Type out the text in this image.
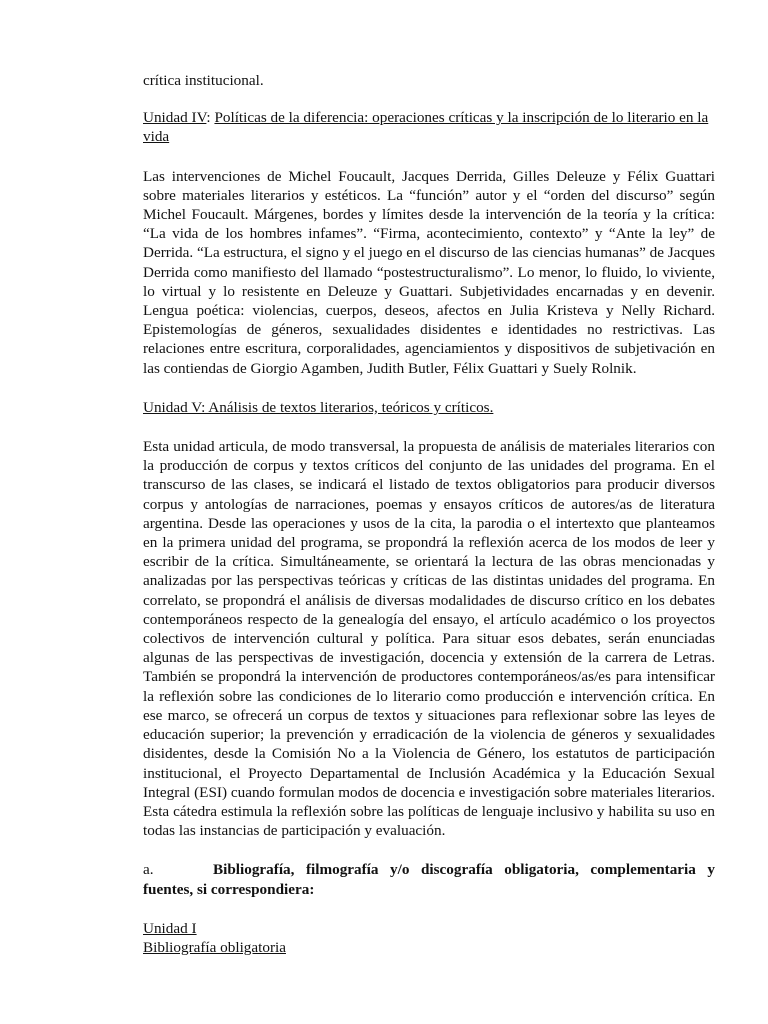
crítica institucional.

Unidad IV: Políticas de la diferencia: operaciones críticas y la inscripción de lo literario en la vida

Las intervenciones de Michel Foucault, Jacques Derrida, Gilles Deleuze y Félix Guattari sobre materiales literarios y estéticos. La “función” autor y el “orden del discurso” según Michel Foucault. Márgenes, bordes y límites desde la intervención de la teoría y la crítica: “La vida de los hombres infames”. “Firma, acontecimiento, contexto” y “Ante la ley” de Derrida. “La estructura, el signo y el juego en el discurso de las ciencias humanas” de Jacques Derrida como manifiesto del llamado “postestructuralismo”. Lo menor, lo fluido, lo viviente, lo virtual y lo resistente en Deleuze y Guattari. Subjetividades encarnadas y en devenir. Lengua poética: violencias, cuerpos, deseos, afectos en Julia Kristeva y Nelly Richard. Epistemologías de géneros, sexualidades disidentes e identidades no restrictivas. Las relaciones entre escritura, corporalidades, agenciamientos y dispositivos de subjetivación en las contiendas de Giorgio Agamben, Judith Butler, Félix Guattari y Suely Rolnik.

Unidad V: Análisis de textos literarios, teóricos y críticos.

Esta unidad articula, de modo transversal, la propuesta de análisis de materiales literarios con la producción de corpus y textos críticos del conjunto de las unidades del programa. En el transcurso de las clases, se indicará el listado de textos obligatorios para producir diversos corpus y antologías de narraciones, poemas y ensayos críticos de autores/as de literatura argentina. Desde las operaciones y usos de la cita, la parodia o el intertexto que planteamos en la primera unidad del programa, se propondrá la reflexión acerca de los modos de leer y escribir de la crítica. Simultáneamente, se orientará la lectura de las obras mencionadas y analizadas por las perspectivas teóricas y críticas de las distintas unidades del programa. En correlato, se propondrá el análisis de diversas modalidades de discurso crítico en los debates contemporáneos respecto de la genealogía del ensayo, el artículo académico o los proyectos colectivos de intervención cultural y política. Para situar esos debates, serán enunciadas algunas de las perspectivas de investigación, docencia y extensión de la carrera de Letras. También se propondrá la intervención de productores contemporáneos/as/es para intensificar la reflexión sobre las condiciones de lo literario como producción e intervención crítica. En ese marco, se ofrecerá un corpus de textos y situaciones para reflexionar sobre las leyes de educación superior; la prevención y erradicación de la violencia de géneros y sexualidades disidentes, desde la Comisión No a la Violencia de Género, los estatutos de participación institucional, el Proyecto Departamental de Inclusión Académica y la Educación Sexual Integral (ESI) cuando formulan modos de docencia e investigación sobre materiales literarios. Esta cátedra estimula la reflexión sobre las políticas de lenguaje inclusivo y habilita su uso en todas las instancias de participación y evaluación.

a.	Bibliografía, filmografía y/o discografía obligatoria, complementaria y fuentes, si correspondiera:

Unidad I

Bibliografía obligatoria
